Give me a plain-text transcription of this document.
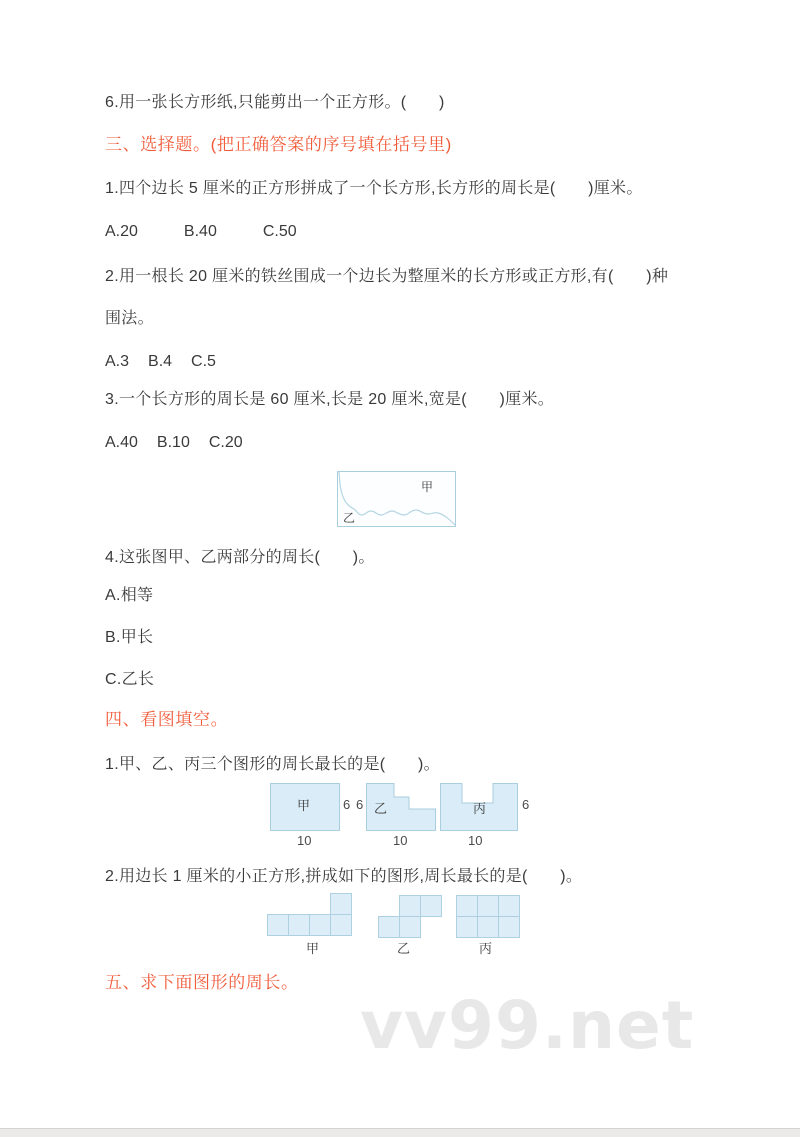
6.用一张长方形纸,只能剪出一个正方形。(　　)
三、选择题。(把正确答案的序号填在括号里)
1.四个边长 5 厘米的正方形拼成了一个长方形,长方形的周长是(　　)厘米。
A.20	B.40	C.50
2.用一根长 20 厘米的铁丝围成一个边长为整厘米的长方形或正方形,有(　　)种
围法。
A.3 B.4 C.5
3.一个长方形的周长是 60 厘米,长是 20 厘米,宽是(　　)厘米。
A.40 B.10 C.20
甲
乙
4.这张图甲、乙两部分的周长(　　)。
A.相等
B.甲长
C.乙长
四、看图填空。
1.甲、乙、丙三个图形的周长最长的是(　　)。
甲	6 6
10
乙
10
丙	6
10
2.用边长 1 厘米的小正方形,拼成如下的图形,周长最长的是(　　)。
甲	乙	丙
五、求下面图形的周长。
vv99.net
